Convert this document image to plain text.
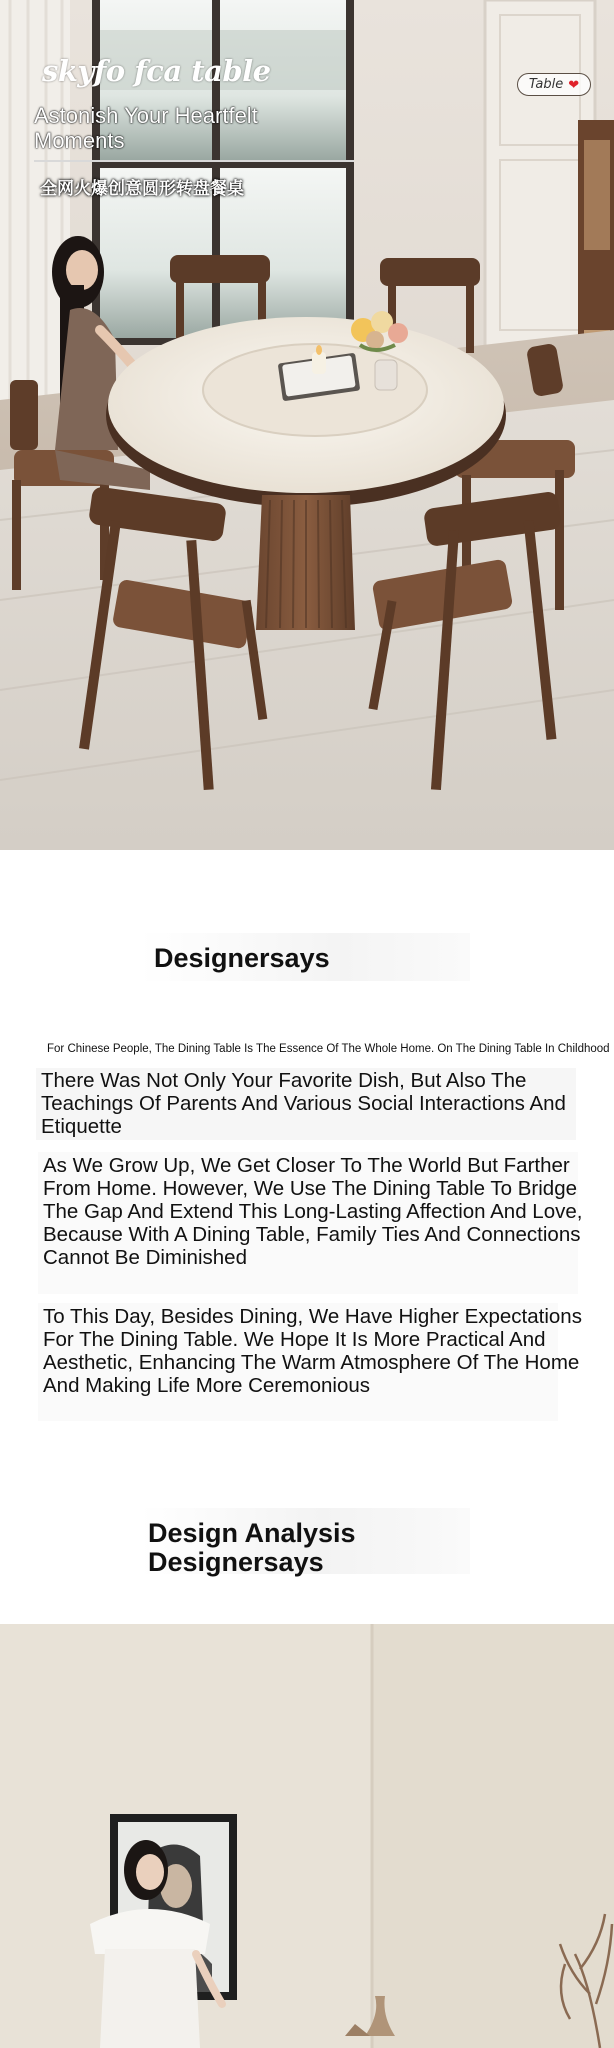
skyfo fca table
Astonish Your Heartfelt Moments
全网火爆创意圆形转盘餐桌
Table ❤
Designersays
For Chinese People, The Dining Table Is The Essence Of The Whole Home. On The Dining Table In Childhood

There Was Not Only Your Favorite Dish, But Also The Teachings Of Parents And Various Social Interactions And Etiquette

As We Grow Up, We Get Closer To The World But Farther From Home. However, We Use The Dining Table To Bridge The Gap And Extend This Long-Lasting Affection And Love, Because With A Dining Table, Family Ties And Connections Cannot Be Diminished

To This Day, Besides Dining, We Have Higher Expectations For The Dining Table. We Hope It Is More Practical And Aesthetic, Enhancing The Warm Atmosphere Of The Home And Making Life More Ceremonious

Design Analysis
Designersays
